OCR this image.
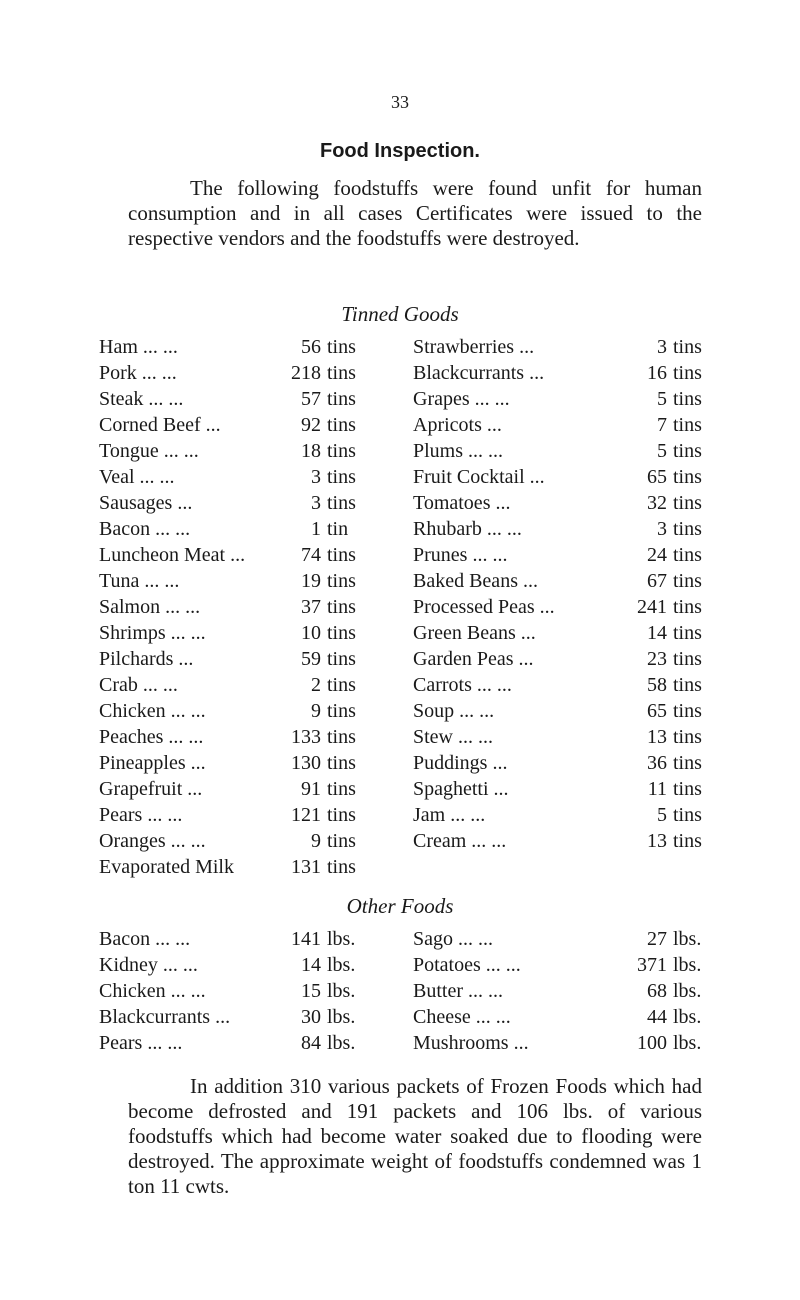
33
Food Inspection.

The following foodstuffs were found unfit for human consumption and in all cases Certificates were issued to the respective vendors and the foodstuffs were destroyed.

Tinned Goods
Ham ... ...	56 tins	Strawberries ...	3 tins
Pork ... ...	218 tins	Blackcurrants ...	16 tins
Steak ... ...	57 tins	Grapes ... ...	5 tins
Corned Beef ...	92 tins	Apricots ...	7 tins
Tongue ... ...	18 tins	Plums ... ...	5 tins
Veal ... ...	3 tins	Fruit Cocktail ...	65 tins
Sausages ...	3 tins	Tomatoes ...	32 tins
Bacon ... ...	1 tin	Rhubarb ... ...	3 tins
Luncheon Meat ...	74 tins	Prunes ... ...	24 tins
Tuna ... ...	19 tins	Baked Beans ...	67 tins
Salmon ... ...	37 tins	Processed Peas ...	241 tins
Shrimps ... ...	10 tins	Green Beans ...	14 tins
Pilchards ...	59 tins	Garden Peas ...	23 tins
Crab ... ...	2 tins	Carrots ... ...	58 tins
Chicken ... ...	9 tins	Soup ... ...	65 tins
Peaches ... ...	133 tins	Stew ... ...	13 tins
Pineapples ...	130 tins	Puddings ...	36 tins
Grapefruit ...	91 tins	Spaghetti ...	11 tins
Pears ... ...	121 tins	Jam ... ...	5 tins
Oranges ... ...	9 tins	Cream ... ...	13 tins
Evaporated Milk	131 tins
Other Foods
Bacon ... ...	141 lbs.	Sago ... ...	27 lbs.
Kidney ... ...	14 lbs.	Potatoes ... ...	371 lbs.
Chicken ... ...	15 lbs.	Butter ... ...	68 lbs.
Blackcurrants ...	30 lbs.	Cheese ... ...	44 lbs.
Pears ... ...	84 lbs.	Mushrooms ...	100 lbs.

In addition 310 various packets of Frozen Foods which had become defrosted and 191 packets and 106 lbs. of various foodstuffs which had become water soaked due to flooding were destroyed. The approximate weight of foodstuffs condemned was 1 ton 11 cwts.
